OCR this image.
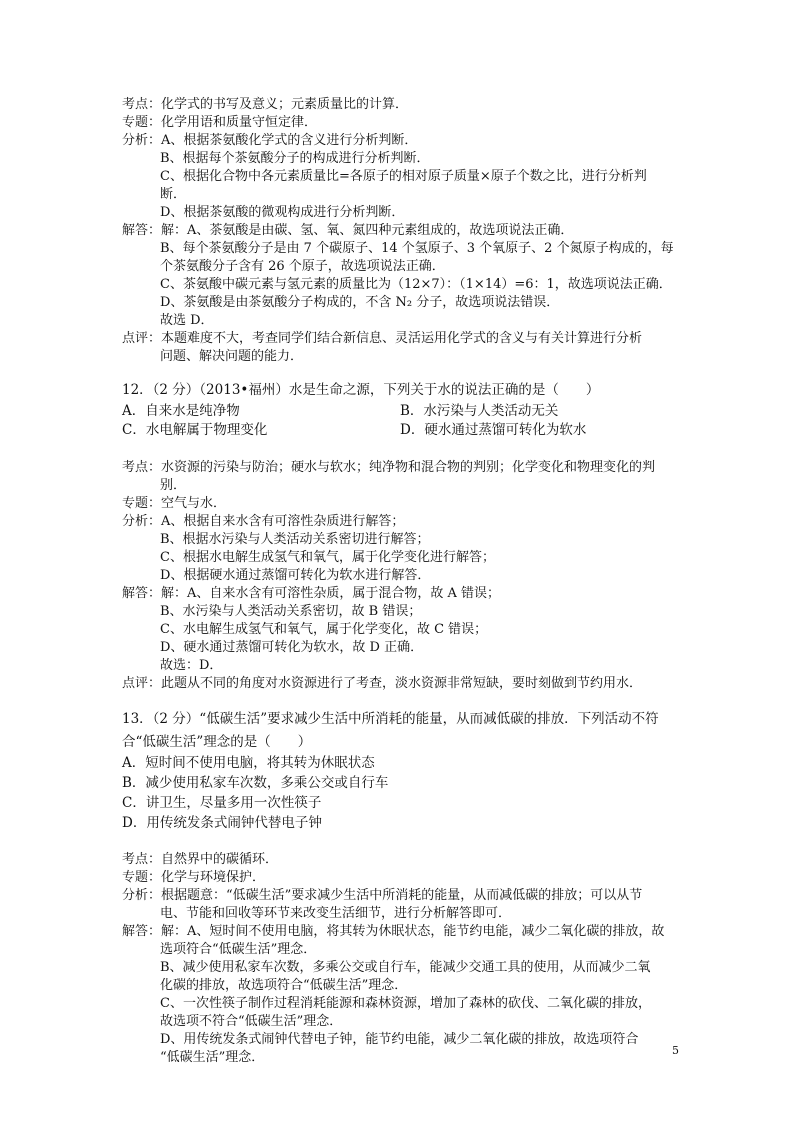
考点：化学式的书写及意义；元素质量比的计算．
专题：化学用语和质量守恒定律．
分析：A、根据茶氨酸化学式的含义进行分析判断．
B、根据每个茶氨酸分子的构成进行分析判断．
C、根据化合物中各元素质量比=各原子的相对原子质量×原子个数之比，进行分析判
断．
D、根据茶氨酸的微观构成进行分析判断．
解答：解：A、茶氨酸是由碳、氢、氧、氮四种元素组成的，故选项说法正确．
B、每个茶氨酸分子是由 7 个碳原子、14 个氢原子、3 个氧原子、2 个氮原子构成的，每
个茶氨酸分子含有 26 个原子，故选项说法正确．
C、茶氨酸中碳元素与氢元素的质量比为（12×7）：（1×14）=6：1，故选项说法正确．
D、茶氨酸是由茶氨酸分子构成的，不含 N₂ 分子，故选项说法错误．
故选 D．
点评：本题难度不大，考查同学们结合新信息、灵活运用化学式的含义与有关计算进行分析
问题、解决问题的能力．
12．（2 分）（2013•福州）水是生命之源，下列关于水的说法正确的是（　　）
A．自来水是纯净物	B．水污染与人类活动无关
C．水电解属于物理变化	D．硬水通过蒸馏可转化为软水
考点：水资源的污染与防治；硬水与软水；纯净物和混合物的判别；化学变化和物理变化的判
别．
专题：空气与水．
分析：A、根据自来水含有可溶性杂质进行解答；
B、根据水污染与人类活动关系密切进行解答；
C、根据水电解生成氢气和氧气，属于化学变化进行解答；
D、根据硬水通过蒸馏可转化为软水进行解答．
解答：解：A、自来水含有可溶性杂质，属于混合物，故 A 错误；
B、水污染与人类活动关系密切，故 B 错误；
C、水电解生成氢气和氧气，属于化学变化，故 C 错误；
D、硬水通过蒸馏可转化为软水，故 D 正确．
故选：D．
点评：此题从不同的角度对水资源进行了考查，淡水资源非常短缺，要时刻做到节约用水．
13．（2 分）“低碳生活”要求减少生活中所消耗的能量，从而减低碳的排放．下列活动不符
合“低碳生活”理念的是（　　）
A．短时间不使用电脑，将其转为休眠状态
B．减少使用私家车次数，多乘公交或自行车
C．讲卫生，尽量多用一次性筷子
D．用传统发条式闹钟代替电子钟
考点：自然界中的碳循环．
专题：化学与环境保护．
分析：根据题意：“低碳生活”要求减少生活中所消耗的能量，从而减低碳的排放；可以从节
电、节能和回收等环节来改变生活细节，进行分析解答即可．
解答：解：A、短时间不使用电脑，将其转为休眠状态，能节约电能，减少二氧化碳的排放，故
选项符合“低碳生活”理念．
B、减少使用私家车次数，多乘公交或自行车，能减少交通工具的使用，从而减少二氧
化碳的排放，故选项符合“低碳生活”理念．
C、一次性筷子制作过程消耗能源和森林资源，增加了森林的砍伐、二氧化碳的排放，
故选项不符合“低碳生活”理念．
D、用传统发条式闹钟代替电子钟，能节约电能，减少二氧化碳的排放，故选项符合
“低碳生活”理念．	5
